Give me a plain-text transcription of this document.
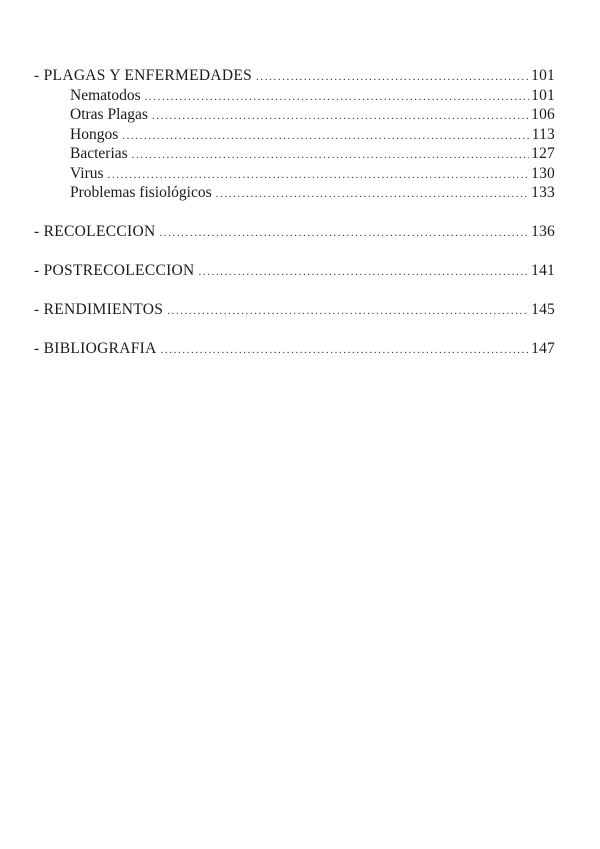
- PLAGAS Y ENFERMEDADES .....	101
Nematodos .....	101
Otras Plagas .....	106
Hongos .....	113
Bacterias .....	127
Virus .....	130
Problemas fisiológicos .....	133
- RECOLECCION .....	136
- POSTRECOLECCION .....	141
- RENDIMIENTOS .....	145
- BIBLIOGRAFIA .....	147
